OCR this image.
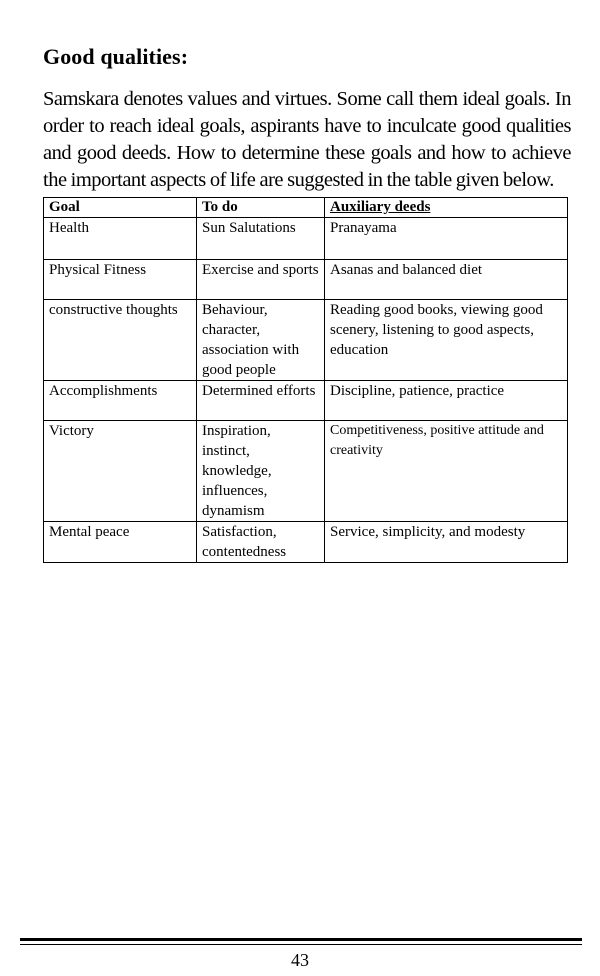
Good qualities:
Samskara denotes values and virtues. Some call them ideal goals. In order to reach ideal goals, aspirants have to inculcate good qualities and good deeds. How to determine these goals and how to achieve the important aspects of life are suggested in the table given below.
Goal	To do	Auxiliary deeds
Health	Sun Salutations	Pranayama
Physical Fitness	Exercise and sports	Asanas and balanced diet
constructive thoughts	Behaviour, character, association with good people	Reading good books, viewing good scenery, listening to good aspects, education
Accomplishments	Determined efforts	Discipline, patience, practice
Victory	Inspiration, instinct, knowledge, influences, dynamism	Competitiveness, positive attitude and creativity
Mental peace	Satisfaction, contentedness	Service, simplicity, and modesty
43
